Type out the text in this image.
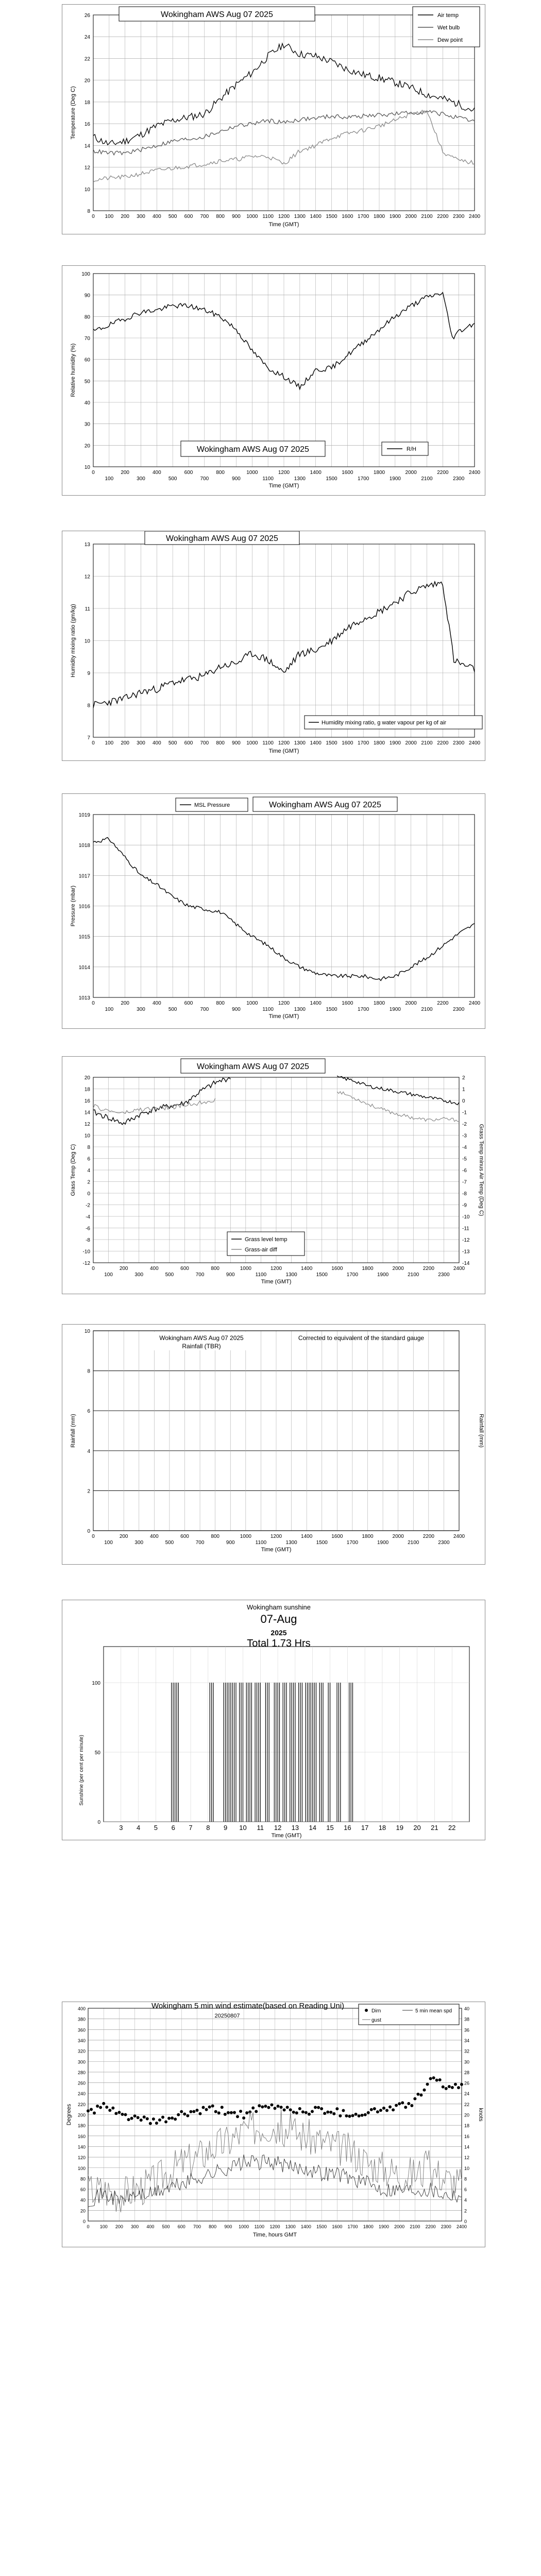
8
10
12
14
16
18
20
22
24
26
0 100 200 300 400 500 600 700 800 900 1000 1100 1200 1300 1400 1500 1600 1700 1800 1900 2000 2100 2200 2300 2400
Time (GMT)
Temperature (Deg C)
Wokingham AWS Aug 07 2025	Air temp
Wet bulb
Dew point
10
20
30
40
50
60
70
80
90
100
0	200	400	600	800	1000	1200	1400	1600	1800	2000	2200	2400
100	300	500	700	900	1100	1300	1500	1700	1900	2100	2300
Time (GMT)
Relative humidity (%)
Wokingham AWS Aug 07 2025	R/H
7
8
9
10
11
12
13
0 100 200 300 400 500 600 700 800 900 1000 1100 1200 1300 1400 1500 1600 1700 1800 1900 2000 2100 2200 2300 2400
Time (GMT)
Humidity mixing ratio (gm/kg)
Wokingham AWS Aug 07 2025
Humidity mixing ratio, g water vapour per kg of air
1013
1014
1015
1016
1017
1018
1019
0	200	400	600	800	1000	1200	1400	1600	1800	2000	2200	2400
100	300	500	700	900	1100	1300	1500	1700	1900	2100	2300
Time (GMT)
Pressure (mbar)
MSL Pressure	Wokingham AWS Aug 07 2025
-12
-10
-8
-6
-4
-2
0
2
4
6
8
10
12
14
16
18
20
0	200	400	600	800	1000	1200	1400	1600	1800	2000	2200	2400
100	300	500	700	900	1100	1300	1500	1700	1900	2100	2300
Time (GMT)
Grass Temp (Deg C)
-14
-13
-12
-11
-10
-9
-8
-7
-6
-5
-4
-3
-2
-1
0
1
2
Grass Temp minus Air Temp (Deg C)
Wokingham AWS Aug 07 2025
Grass level temp
Grass-air diff
0
2
4
6
8
10
0	200	400	600	800	1000	1200	1400	1600	1800	2000	2200	2400
100	300	500	700	900	1100	1300	1500	1700	1900	2100	2300
Time (GMT)
Rainfall (mm)	Rainfall (mm)
Wokingham AWS Aug 07 2025
Rainfall (TBR)
Corrected to equivalent of the standard gauge
0
50
100
3 4 5 6 7 8 9 10 11 12 13 14 15 16 17 18 19 20 21 22
Time (GMT)
Sunshine (per cent per minute)
Wokingham sunshine
07-Aug
2025
Total 1.73 Hrs
0
20
40
60
80
100
120
140
160
180
200
220
240
260
280
300
320
340
360
380
400
0 100 200 300 400 500 600 700 800 900 1000 1100 1200 1300 1400 1500 1600 1700 1800 1900 2000 2100 2200 2300 2400
0
2
4
6
8
10
12
14
16
18
20
22
24
26
28
30
32
34
36
38
40
Time, hours GMT
Degrees	knots
Wokingham 5 min wind estimate(based on Reading Uni)
20250807
Dirn
gust
5 min mean spd
